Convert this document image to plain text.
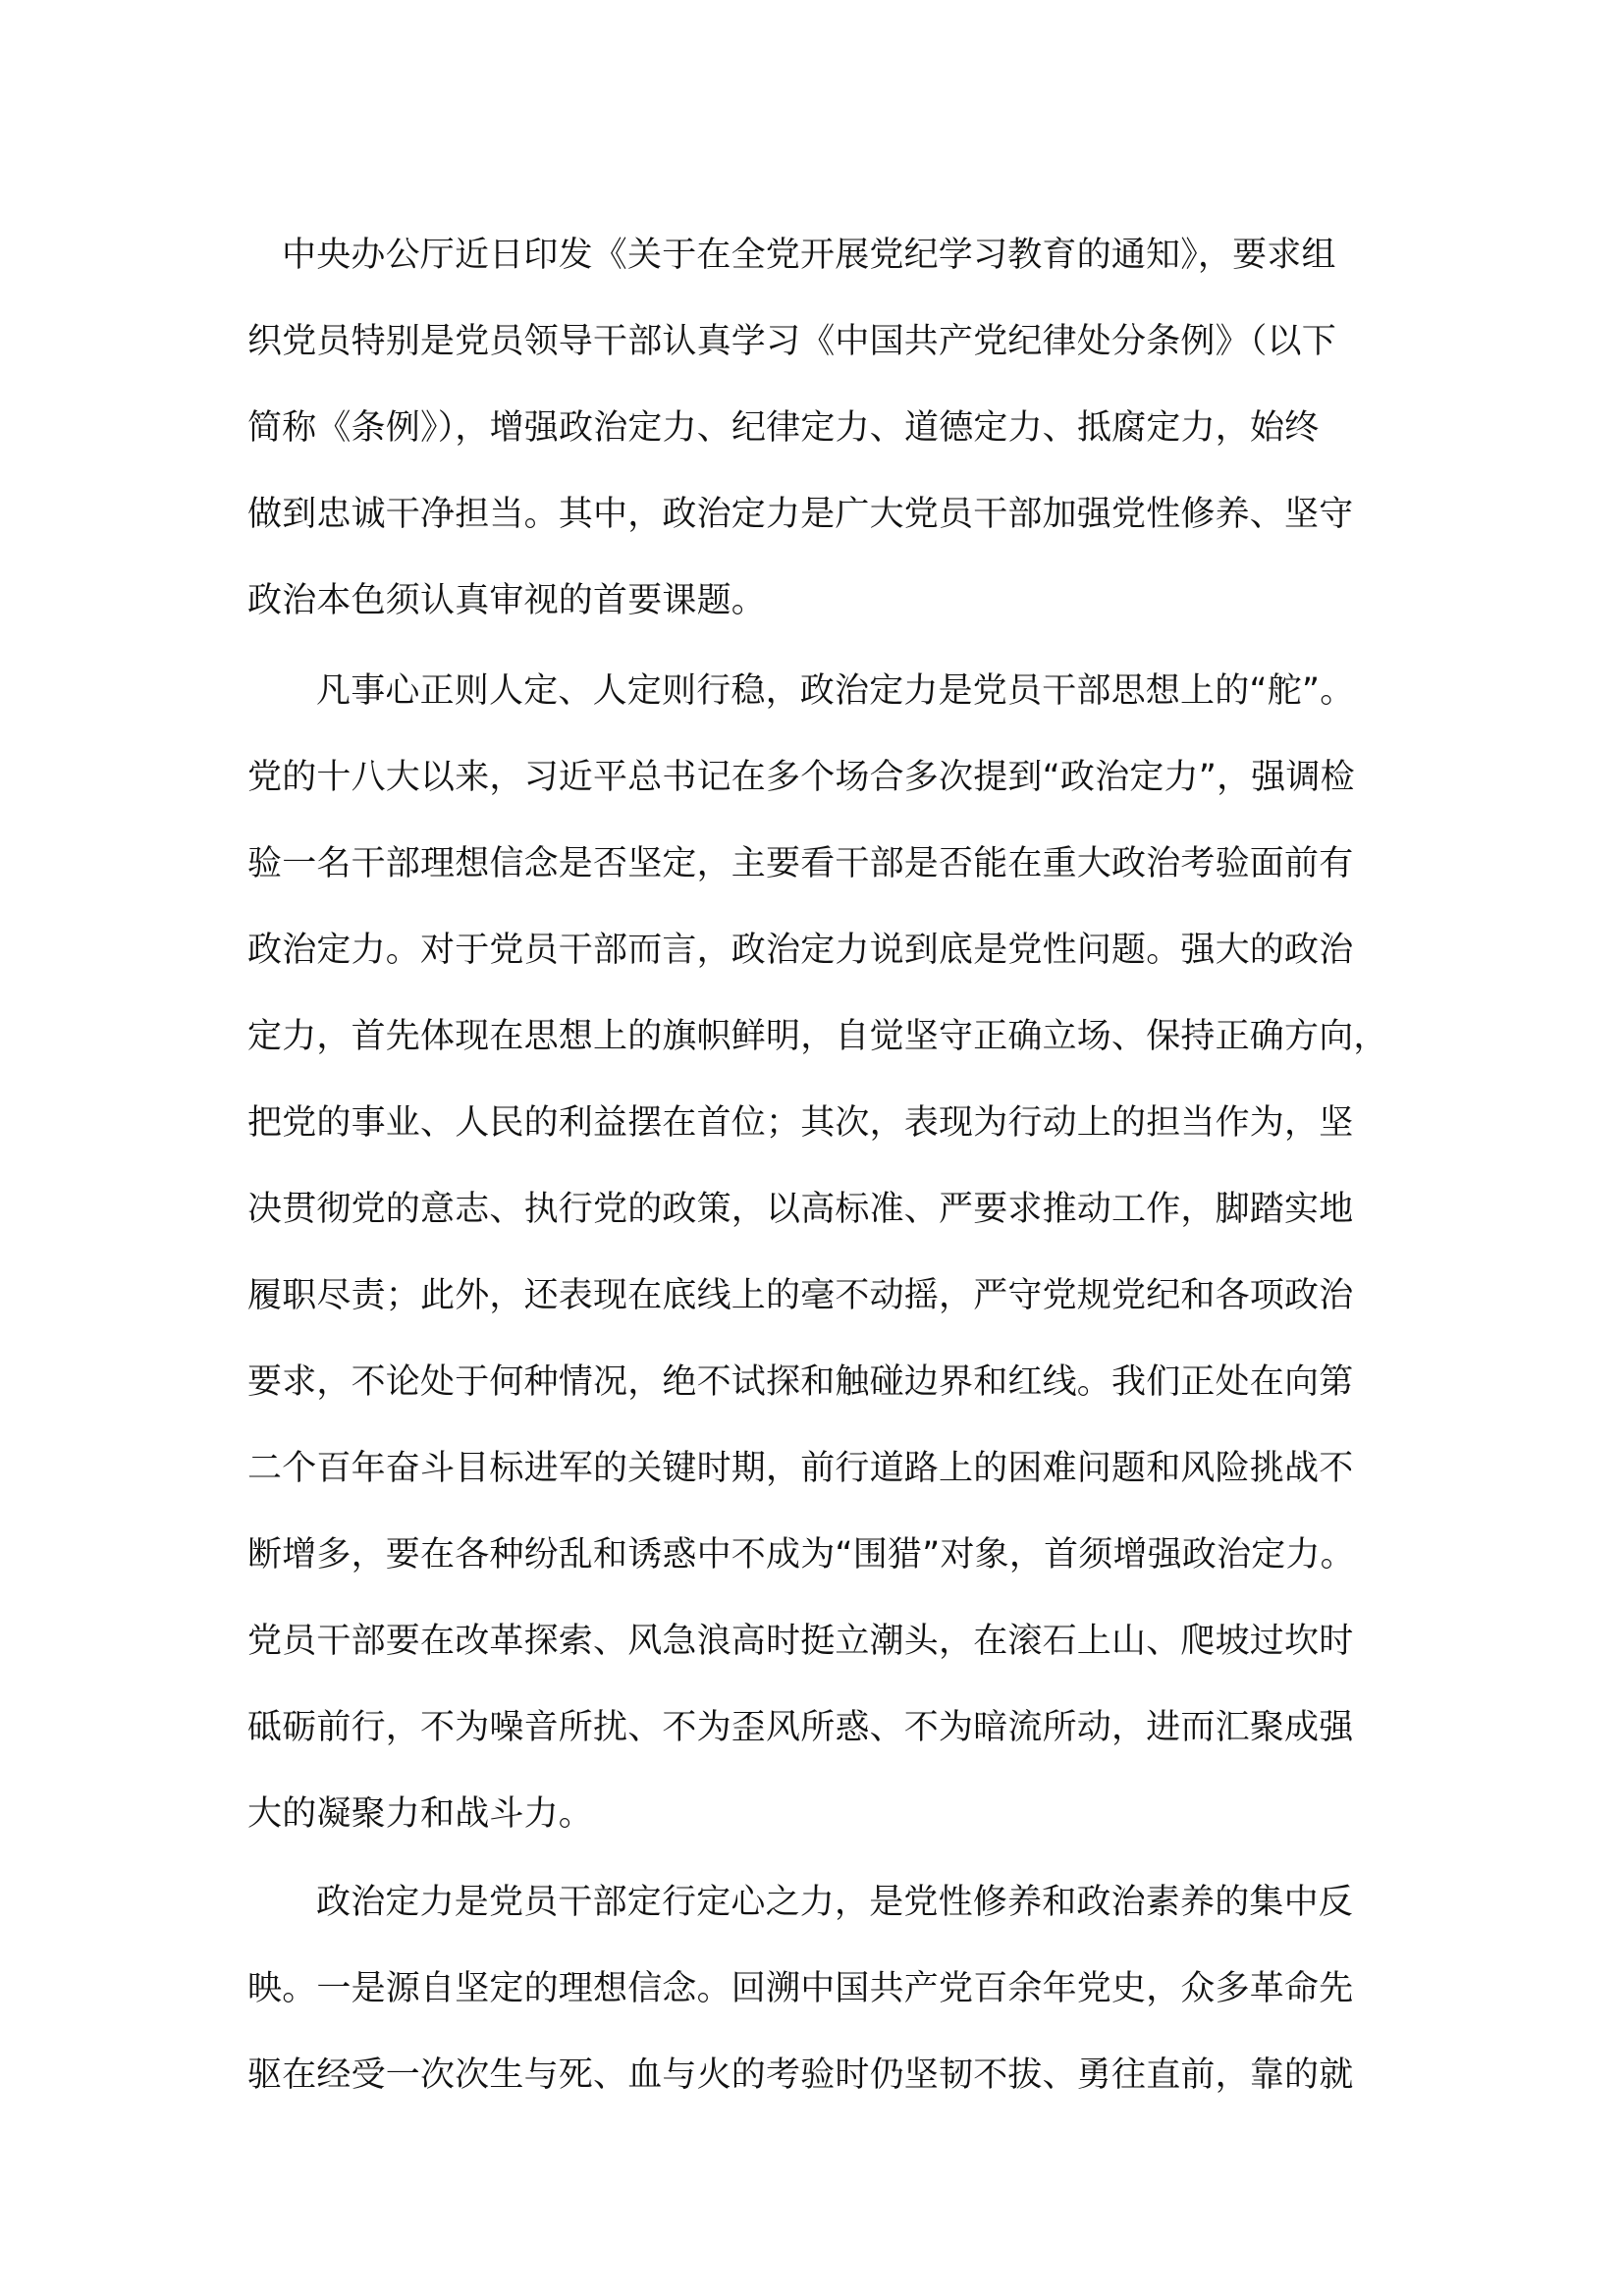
中央办公厅近日印发《关于在全党开展党纪学习教育的通知》，要求组
织党员特别是党员领导干部认真学习《中国共产党纪律处分条例》（以下
简称《条例》），增强政治定力、纪律定力、道德定力、抵腐定力，始终
做到忠诚干净担当。其中，政治定力是广大党员干部加强党性修养、坚守
政治本色须认真审视的首要课题。
凡事心正则人定、人定则行稳，政治定力是党员干部思想上的“舵”。
党的十八大以来，习近平总书记在多个场合多次提到“政治定力”，强调检
验一名干部理想信念是否坚定，主要看干部是否能在重大政治考验面前有
政治定力。对于党员干部而言，政治定力说到底是党性问题。强大的政治
定力，首先体现在思想上的旗帜鲜明，自觉坚守正确立场、保持正确方向，
把党的事业、人民的利益摆在首位；其次，表现为行动上的担当作为，坚
决贯彻党的意志、执行党的政策，以高标准、严要求推动工作，脚踏实地
履职尽责；此外，还表现在底线上的毫不动摇，严守党规党纪和各项政治
要求，不论处于何种情况，绝不试探和触碰边界和红线。我们正处在向第
二个百年奋斗目标进军的关键时期，前行道路上的困难问题和风险挑战不
断增多，要在各种纷乱和诱惑中不成为“围猎”对象，首须增强政治定力。
党员干部要在改革探索、风急浪高时挺立潮头，在滚石上山、爬坡过坎时
砥砺前行，不为噪音所扰、不为歪风所惑、不为暗流所动，进而汇聚成强
大的凝聚力和战斗力。
政治定力是党员干部定行定心之力，是党性修养和政治素养的集中反
映。一是源自坚定的理想信念。回溯中国共产党百余年党史，众多革命先
驱在经受一次次生与死、血与火的考验时仍坚韧不拔、勇往直前，靠的就
